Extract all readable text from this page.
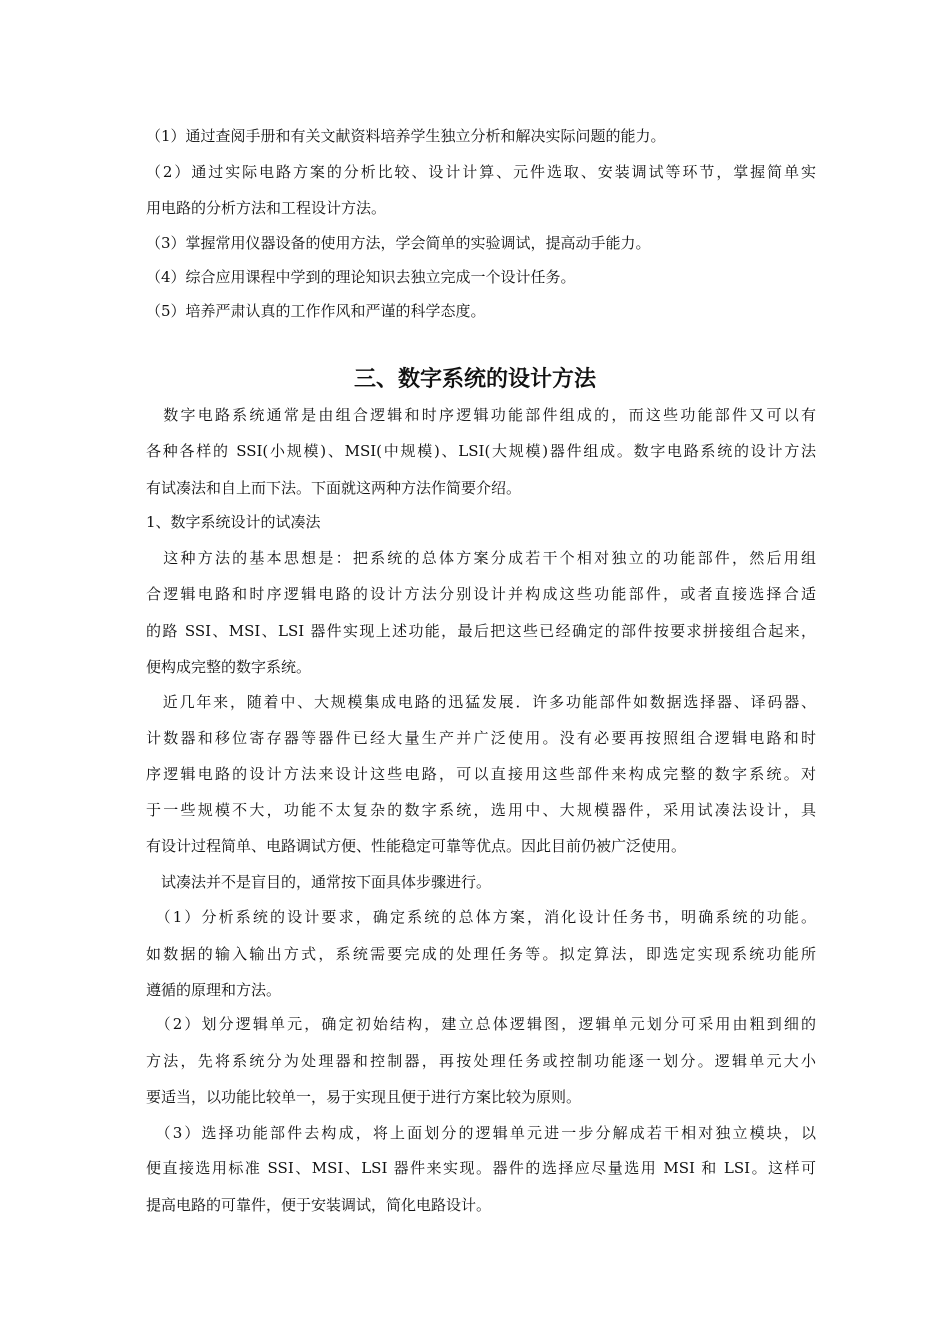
（1）通过查阅手册和有关文献资料培养学生独立分析和解决实际问题的能力。
（2）通过实际电路方案的分析比较、设计计算、元件选取、安装调试等环节，掌握简单实
用电路的分析方法和工程设计方法。
（3）掌握常用仪器设备的使用方法，学会简单的实验调试，提高动手能力。
（4）综合应用课程中学到的理论知识去独立完成一个设计任务。
（5）培养严肃认真的工作作风和严谨的科学态度。
三、数字系统的设计方法
　数字电路系统通常是由组合逻辑和时序逻辑功能部件组成的，而这些功能部件又可以有
各种各样的 SSI(小规模)、MSI(中规模)、LSI(大规模)器件组成。数字电路系统的设计方法
有试凑法和自上而下法。下面就这两种方法作简要介绍。
1、数字系统设计的试凑法
　这种方法的基本思想是：把系统的总体方案分成若干个相对独立的功能部件，然后用组
合逻辑电路和时序逻辑电路的设计方法分别设计并构成这些功能部件，或者直接选择合适
的路 SSI、MSI、LSI 器件实现上述功能，最后把这些已经确定的部件按要求拼接组合起来，
便构成完整的数字系统。
　近几年来，随着中、大规模集成电路的迅猛发展．许多功能部件如数据选择器、译码器、
计数器和移位寄存器等器件已经大量生产并广泛使用。没有必要再按照组合逻辑电路和时
序逻辑电路的设计方法来设计这些电路，可以直接用这些部件来构成完整的数字系统。对
于一些规模不大，功能不太复杂的数字系统，选用中、大规模器件，采用试凑法设计，具
有设计过程简单、电路调试方便、性能稳定可靠等优点。因此目前仍被广泛使用。
　试凑法并不是盲目的，通常按下面具体步骤进行。
　（1）分析系统的设计要求，确定系统的总体方案，消化设计任务书，明确系统的功能。
如数据的输入输出方式，系统需要完成的处理任务等。拟定算法，即选定实现系统功能所
遵循的原理和方法。
　（2）划分逻辑单元，确定初始结构，建立总体逻辑图，逻辑单元划分可采用由粗到细的
方法，先将系统分为处理器和控制器，再按处理任务或控制功能逐一划分。逻辑单元大小
要适当，以功能比较单一，易于实现且便于进行方案比较为原则。
　（3）选择功能部件去构成，将上面划分的逻辑单元进一步分解成若干相对独立模块，以
便直接选用标准 SSI、MSI、LSI 器件来实现。器件的选择应尽量选用 MSI 和 LSI。这样可
提高电路的可靠件，便于安装调试，简化电路设计。
